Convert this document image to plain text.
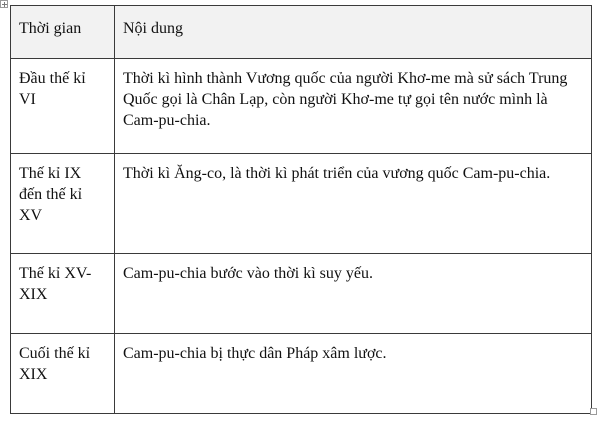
Thời gian	Nội dung
Đầu thế kỉ VI	Thời kì hình thành Vương quốc của người Khơ-me mà sử sách Trung Quốc gọi là Chân Lạp, còn người Khơ-me tự gọi tên nước mình là Cam-pu-chia.
Thế kỉ IX đến thế kỉ XV	Thời kì Ăng-co, là thời kì phát triển của vương quốc Cam-pu-chia.
Thế kỉ XV-XIX	Cam-pu-chia bước vào thời kì suy yếu.
Cuối thế kỉ XIX	Cam-pu-chia bị thực dân Pháp xâm lược.
